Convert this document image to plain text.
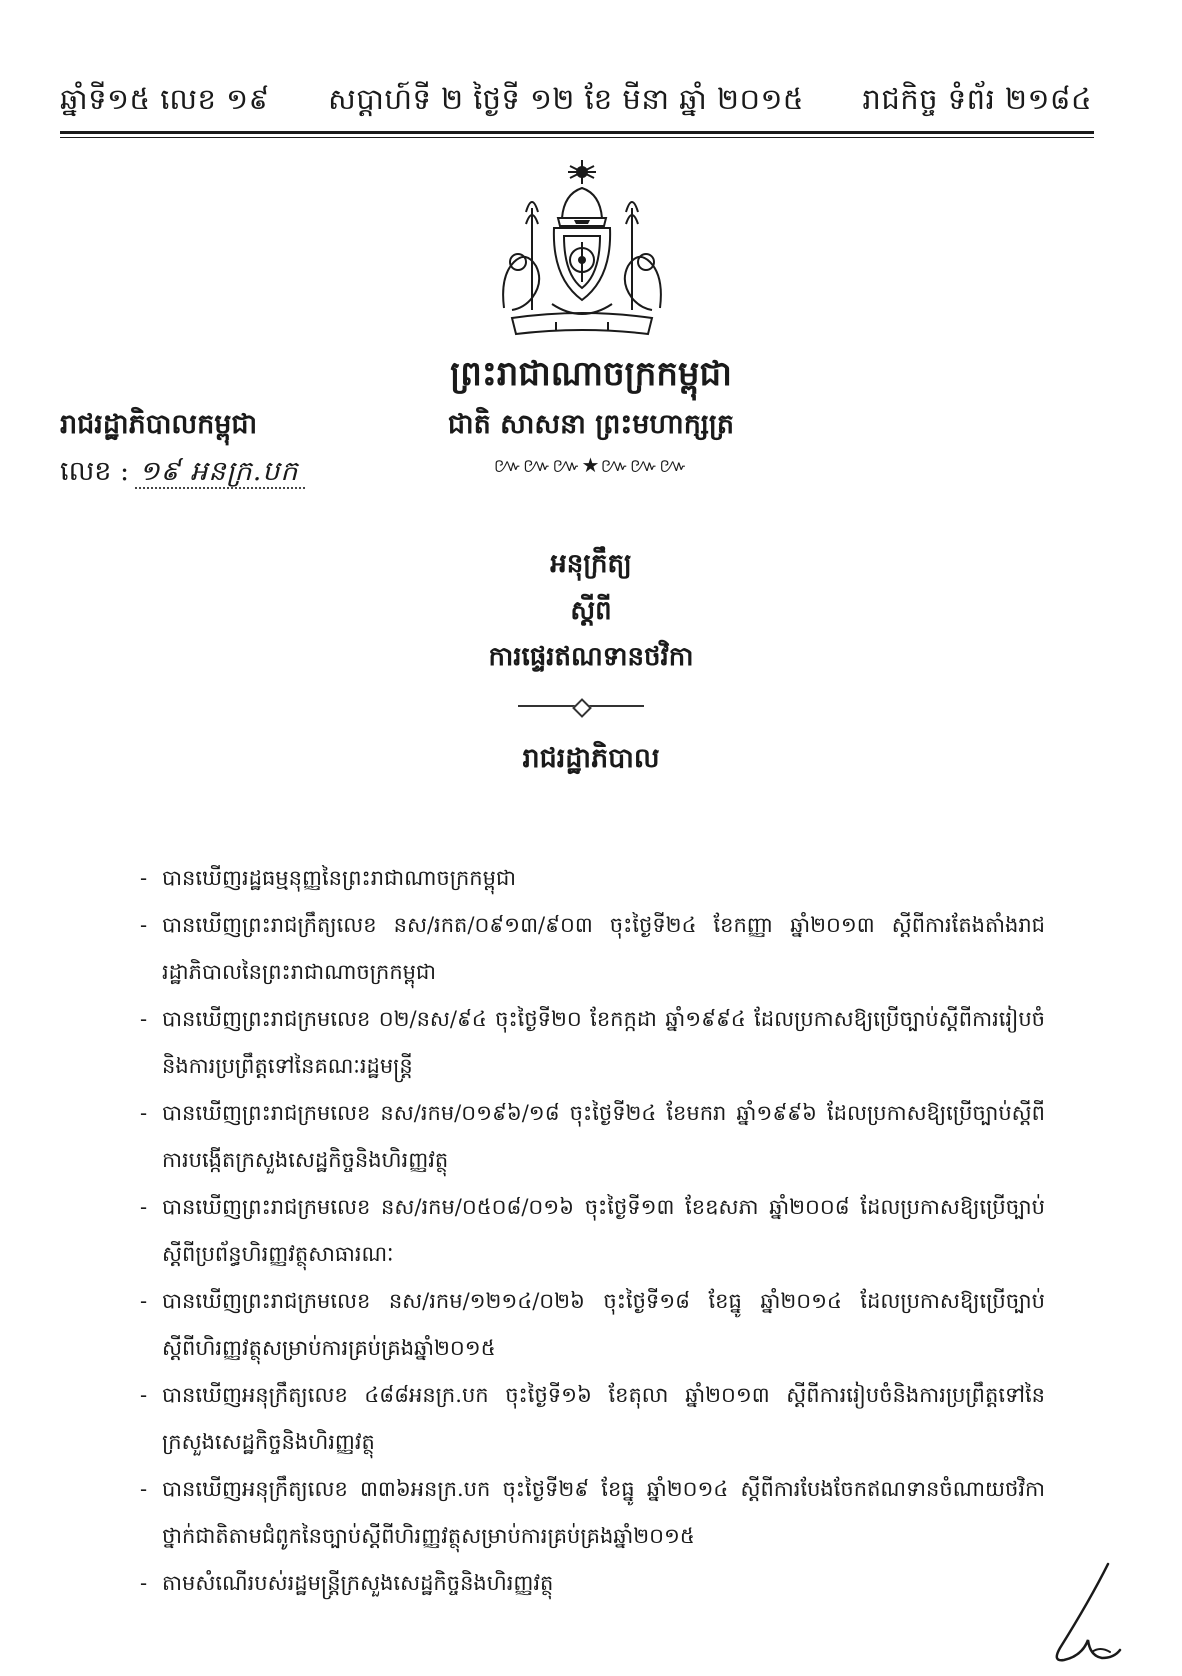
ឆ្នាំទី១៥ លេខ ១៩ សប្តាហ៍ទី ២ ថ្ងៃទី ១២ ខែ មីនា ឆ្នាំ ២០១៥ រាជកិច្ច ទំព័រ ២១៨៤
ព្រះរាជាណាចក្រកម្ពុជា
រាជរដ្ឋាភិបាលកម្ពុជា	ជាតិ សាសនា ព្រះមហាក្សត្រ
លេខ : ១៩ អនក្រ.បក	៚៚៚★៚៚៚
អនុក្រឹត្យ
ស្តីពី
ការផ្ទេរឥណទានថវិកា
រាជរដ្ឋាភិបាល
- បានឃើញរដ្ឋធម្មនុញ្ញនៃព្រះរាជាណាចក្រកម្ពុជា
- បានឃើញព្រះរាជក្រឹត្យលេខ នស/រកត/០៩១៣/៩០៣ ចុះថ្ងៃទី២៤ ខែកញ្ញា ឆ្នាំ២០១៣ ស្តីពីការតែងតាំងរាជរដ្ឋាភិបាលនៃព្រះរាជាណាចក្រកម្ពុជា
- បានឃើញព្រះរាជក្រមលេខ ០២/នស/៩៤ ចុះថ្ងៃទី២០ ខែកក្កដា ឆ្នាំ១៩៩៤ ដែលប្រកាសឱ្យប្រើច្បាប់ស្តីពីការរៀបចំនិងការប្រព្រឹត្តទៅនៃគណៈរដ្ឋមន្ត្រី
- បានឃើញព្រះរាជក្រមលេខ នស/រកម/០១៩៦/១៨ ចុះថ្ងៃទី២៤ ខែមករា ឆ្នាំ១៩៩៦ ដែលប្រកាសឱ្យប្រើច្បាប់ស្តីពីការបង្កើតក្រសួងសេដ្ឋកិច្ចនិងហិរញ្ញវត្ថុ
- បានឃើញព្រះរាជក្រមលេខ នស/រកម/០៥០៨/០១៦ ចុះថ្ងៃទី១៣ ខែឧសភា ឆ្នាំ២០០៨ ដែលប្រកាសឱ្យប្រើច្បាប់ស្តីពីប្រព័ន្ធហិរញ្ញវត្ថុសាធារណៈ
- បានឃើញព្រះរាជក្រមលេខ នស/រកម/១២១៤/០២៦ ចុះថ្ងៃទី១៨ ខែធ្នូ ឆ្នាំ២០១៤ ដែលប្រកាសឱ្យប្រើច្បាប់ស្តីពីហិរញ្ញវត្ថុសម្រាប់ការគ្រប់គ្រងឆ្នាំ២០១៥
- បានឃើញអនុក្រឹត្យលេខ ៤៨៨អនក្រ.បក ចុះថ្ងៃទី១៦ ខែតុលា ឆ្នាំ២០១៣ ស្តីពីការរៀបចំនិងការប្រព្រឹត្តទៅនៃក្រសួងសេដ្ឋកិច្ចនិងហិរញ្ញវត្ថុ
- បានឃើញអនុក្រឹត្យលេខ ៣៣៦អនក្រ.បក ចុះថ្ងៃទី២៩ ខែធ្នូ ឆ្នាំ២០១៤ ស្តីពីការបែងចែកឥណទានចំណាយថវិកាថ្នាក់ជាតិតាមជំពូកនៃច្បាប់ស្តីពីហិរញ្ញវត្ថុសម្រាប់ការគ្រប់គ្រងឆ្នាំ២០១៥
- តាមសំណើរបស់រដ្ឋមន្ត្រីក្រសួងសេដ្ឋកិច្ចនិងហិរញ្ញវត្ថុ
